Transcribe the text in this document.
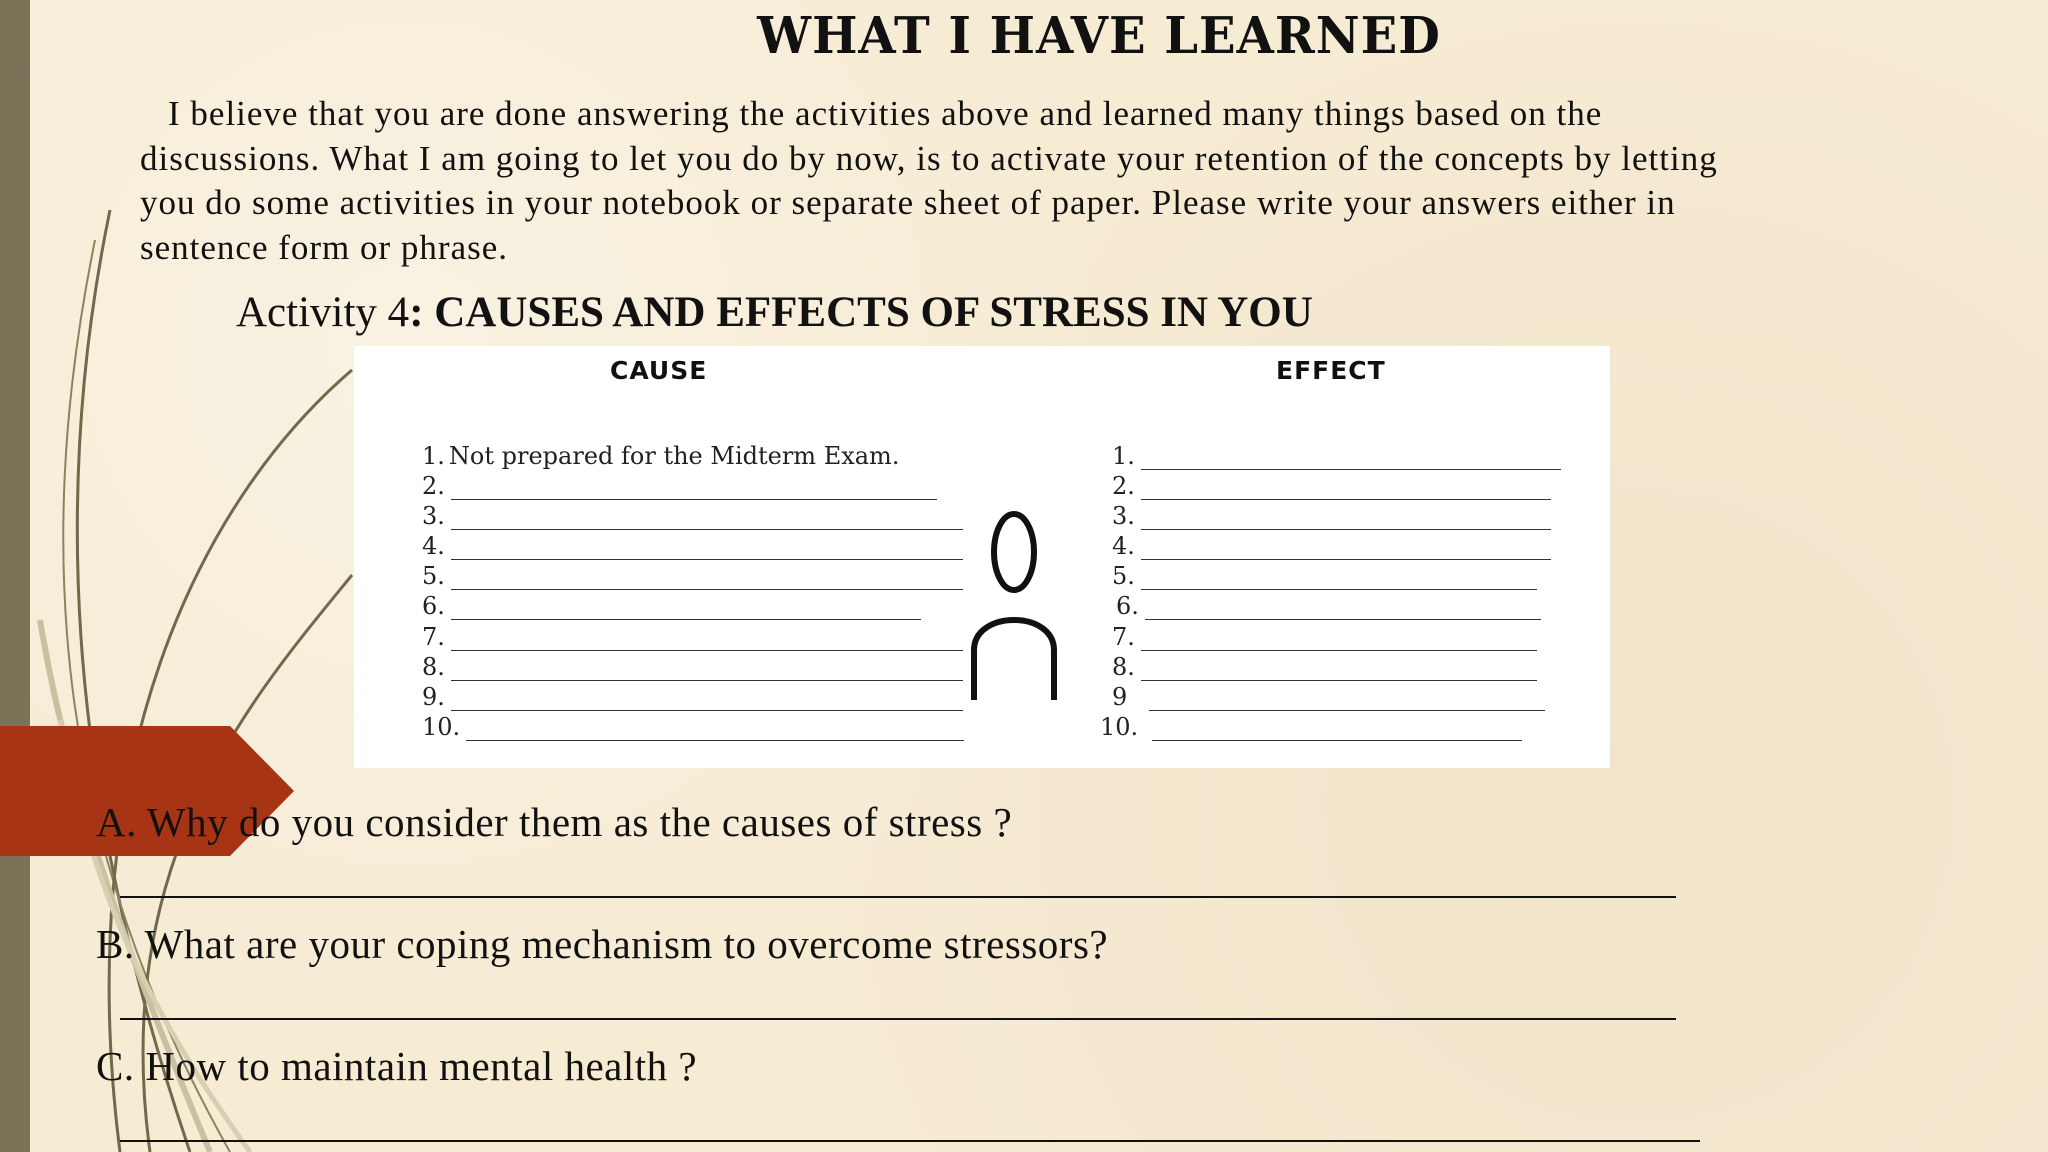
WHAT I HAVE LEARNED
I believe that you are done answering the activities above and learned many things based on the
discussions. What I am going to let you do by now, is to activate your retention of the concepts by letting
you do some activities in your notebook or separate sheet of paper. Please write your answers either in
sentence form or phrase.
Activity 4: CAUSES AND EFFECTS OF STRESS IN YOU
CAUSE	EFFECT
1. Not prepared for the Midterm Exam.
2.
3.
4.
5.
6.
7.
8.
9.
10.
1.
2.
3.
4.
5.
6.
7.
8.
9
10.
A. Why do you consider them as the causes of stress ?
B. What are your coping mechanism to overcome stressors?
C. How to maintain mental health ?
